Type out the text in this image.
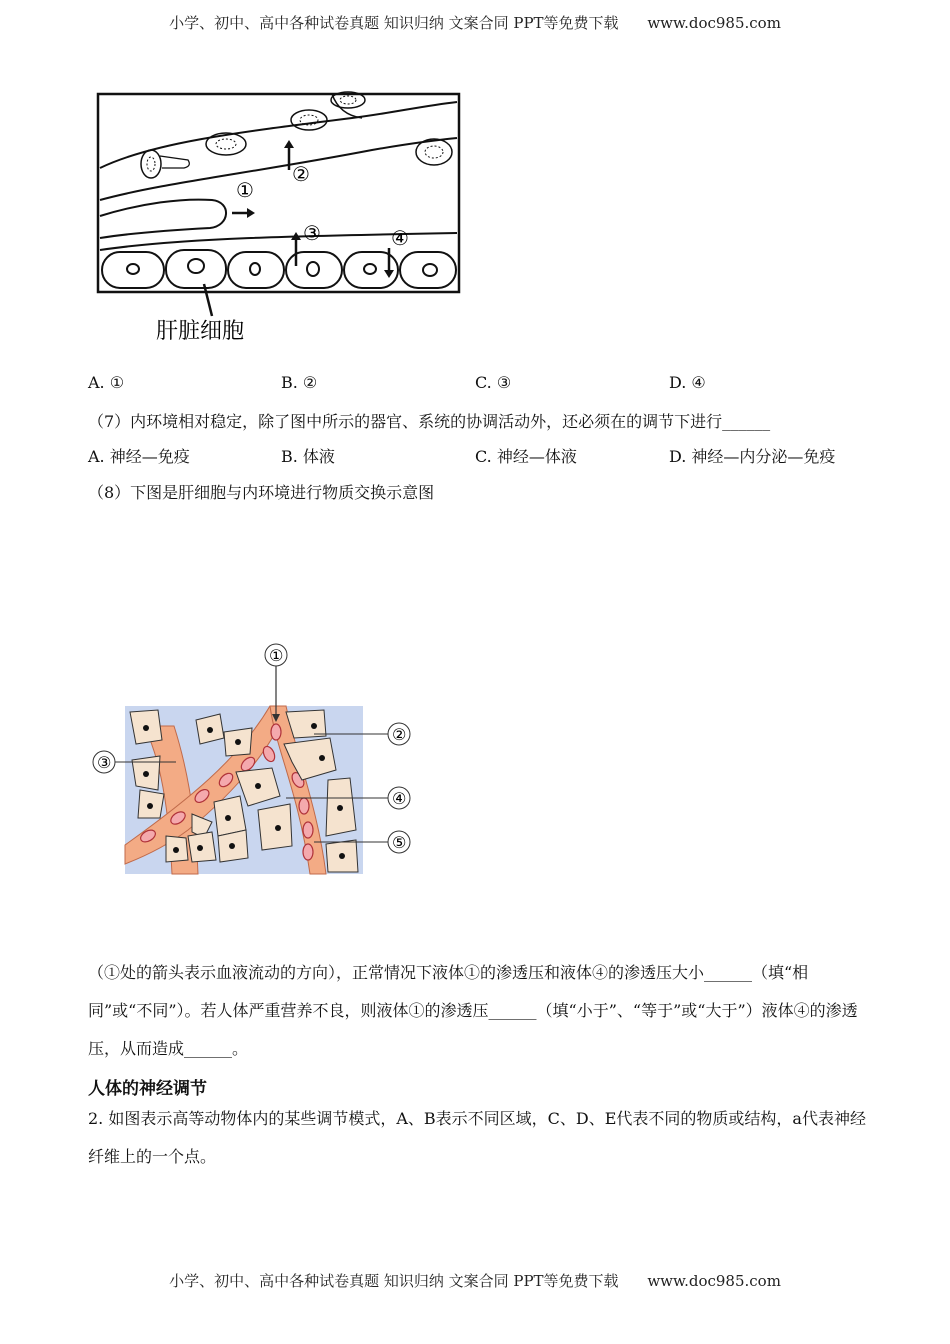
小学、初中、高中各种试卷真题 知识归纳 文案合同 PPT等免费下载 www.doc985.com
①
②
③	④
肝脏细胞
A. ①	B. ②	C. ③	D. ④
（7）内环境相对稳定，除了图中所示的器官、系统的协调活动外，还必须在的调节下进行______
A. 神经—免疫	B. 体液	C. 神经—体液	D. 神经—内分泌—免疫
（8）下图是肝细胞与内环境进行物质交换示意图
①
②
③
④
⑤
（①处的箭头表示血液流动的方向），正常情况下液体①的渗透压和液体④的渗透压大小______（填“相同”或“不同”）。若人体严重营养不良，则液体①的渗透压______（填“小于”、“等于”或“大于”）液体④的渗透压，从而造成______。
人体的神经调节
2. 如图表示高等动物体内的某些调节模式，A、B表示不同区域，C、D、E代表不同的物质或结构，a代表神经纤维上的一个点。
小学、初中、高中各种试卷真题 知识归纳 文案合同 PPT等免费下载 www.doc985.com
